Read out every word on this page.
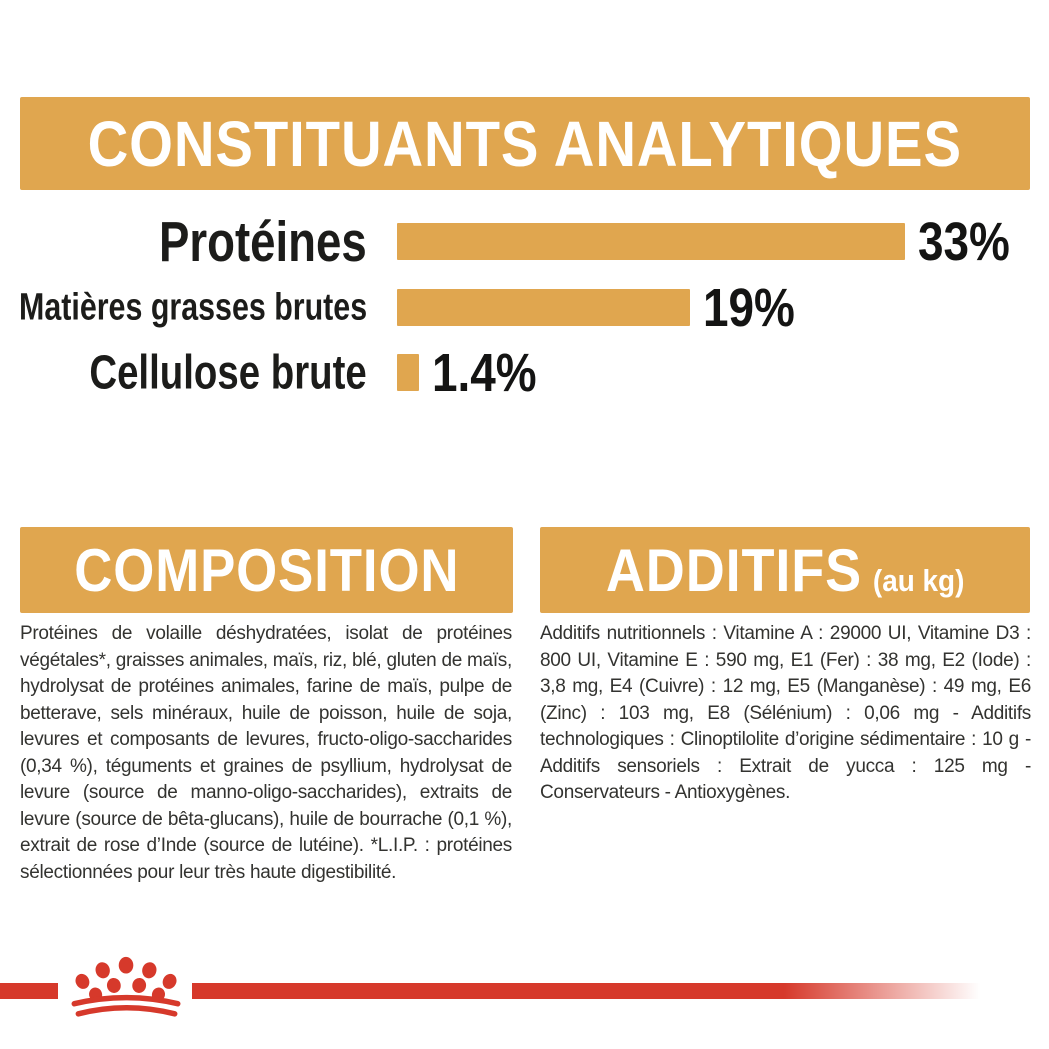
CONSTITUANTS ANALYTIQUES
Protéines	33%
Matières grasses brutes	19%
Cellulose brute 1.4%
COMPOSITION
Protéines de volaille déshydratées, isolat de protéines végétales*, graisses animales, maïs, riz, blé, gluten de maïs, hydrolysat de protéines animales, farine de maïs, pulpe de betterave, sels minéraux, huile de poisson, huile de soja, levures et composants de levures, fructo-oligo-saccharides (0,34 %), téguments et graines de psyllium, hydrolysat de levure (source de manno-oligo-saccharides), extraits de levure (source de bêta-glucans), huile de bourrache (0,1 %), extrait de rose d’Inde (source de lutéine). *L.I.P. : protéines sélectionnées pour leur très haute digestibilité.
ADDITIFS (au kg)
Additifs nutritionnels : Vitamine A : 29000 UI, Vitamine D3 : 800 UI, Vitamine E : 590 mg, E1 (Fer) : 38 mg, E2 (Iode) : 3,8 mg, E4 (Cuivre) : 12 mg, E5 (Manganèse) : 49 mg, E6 (Zinc) : 103 mg, E8 (Sélénium) : 0,06 mg - Additifs technologiques : Clinoptilolite d’origine sédimentaire : 10 g - Additifs sensoriels : Extrait de yucca : 125 mg - Conservateurs - Antioxygènes.
